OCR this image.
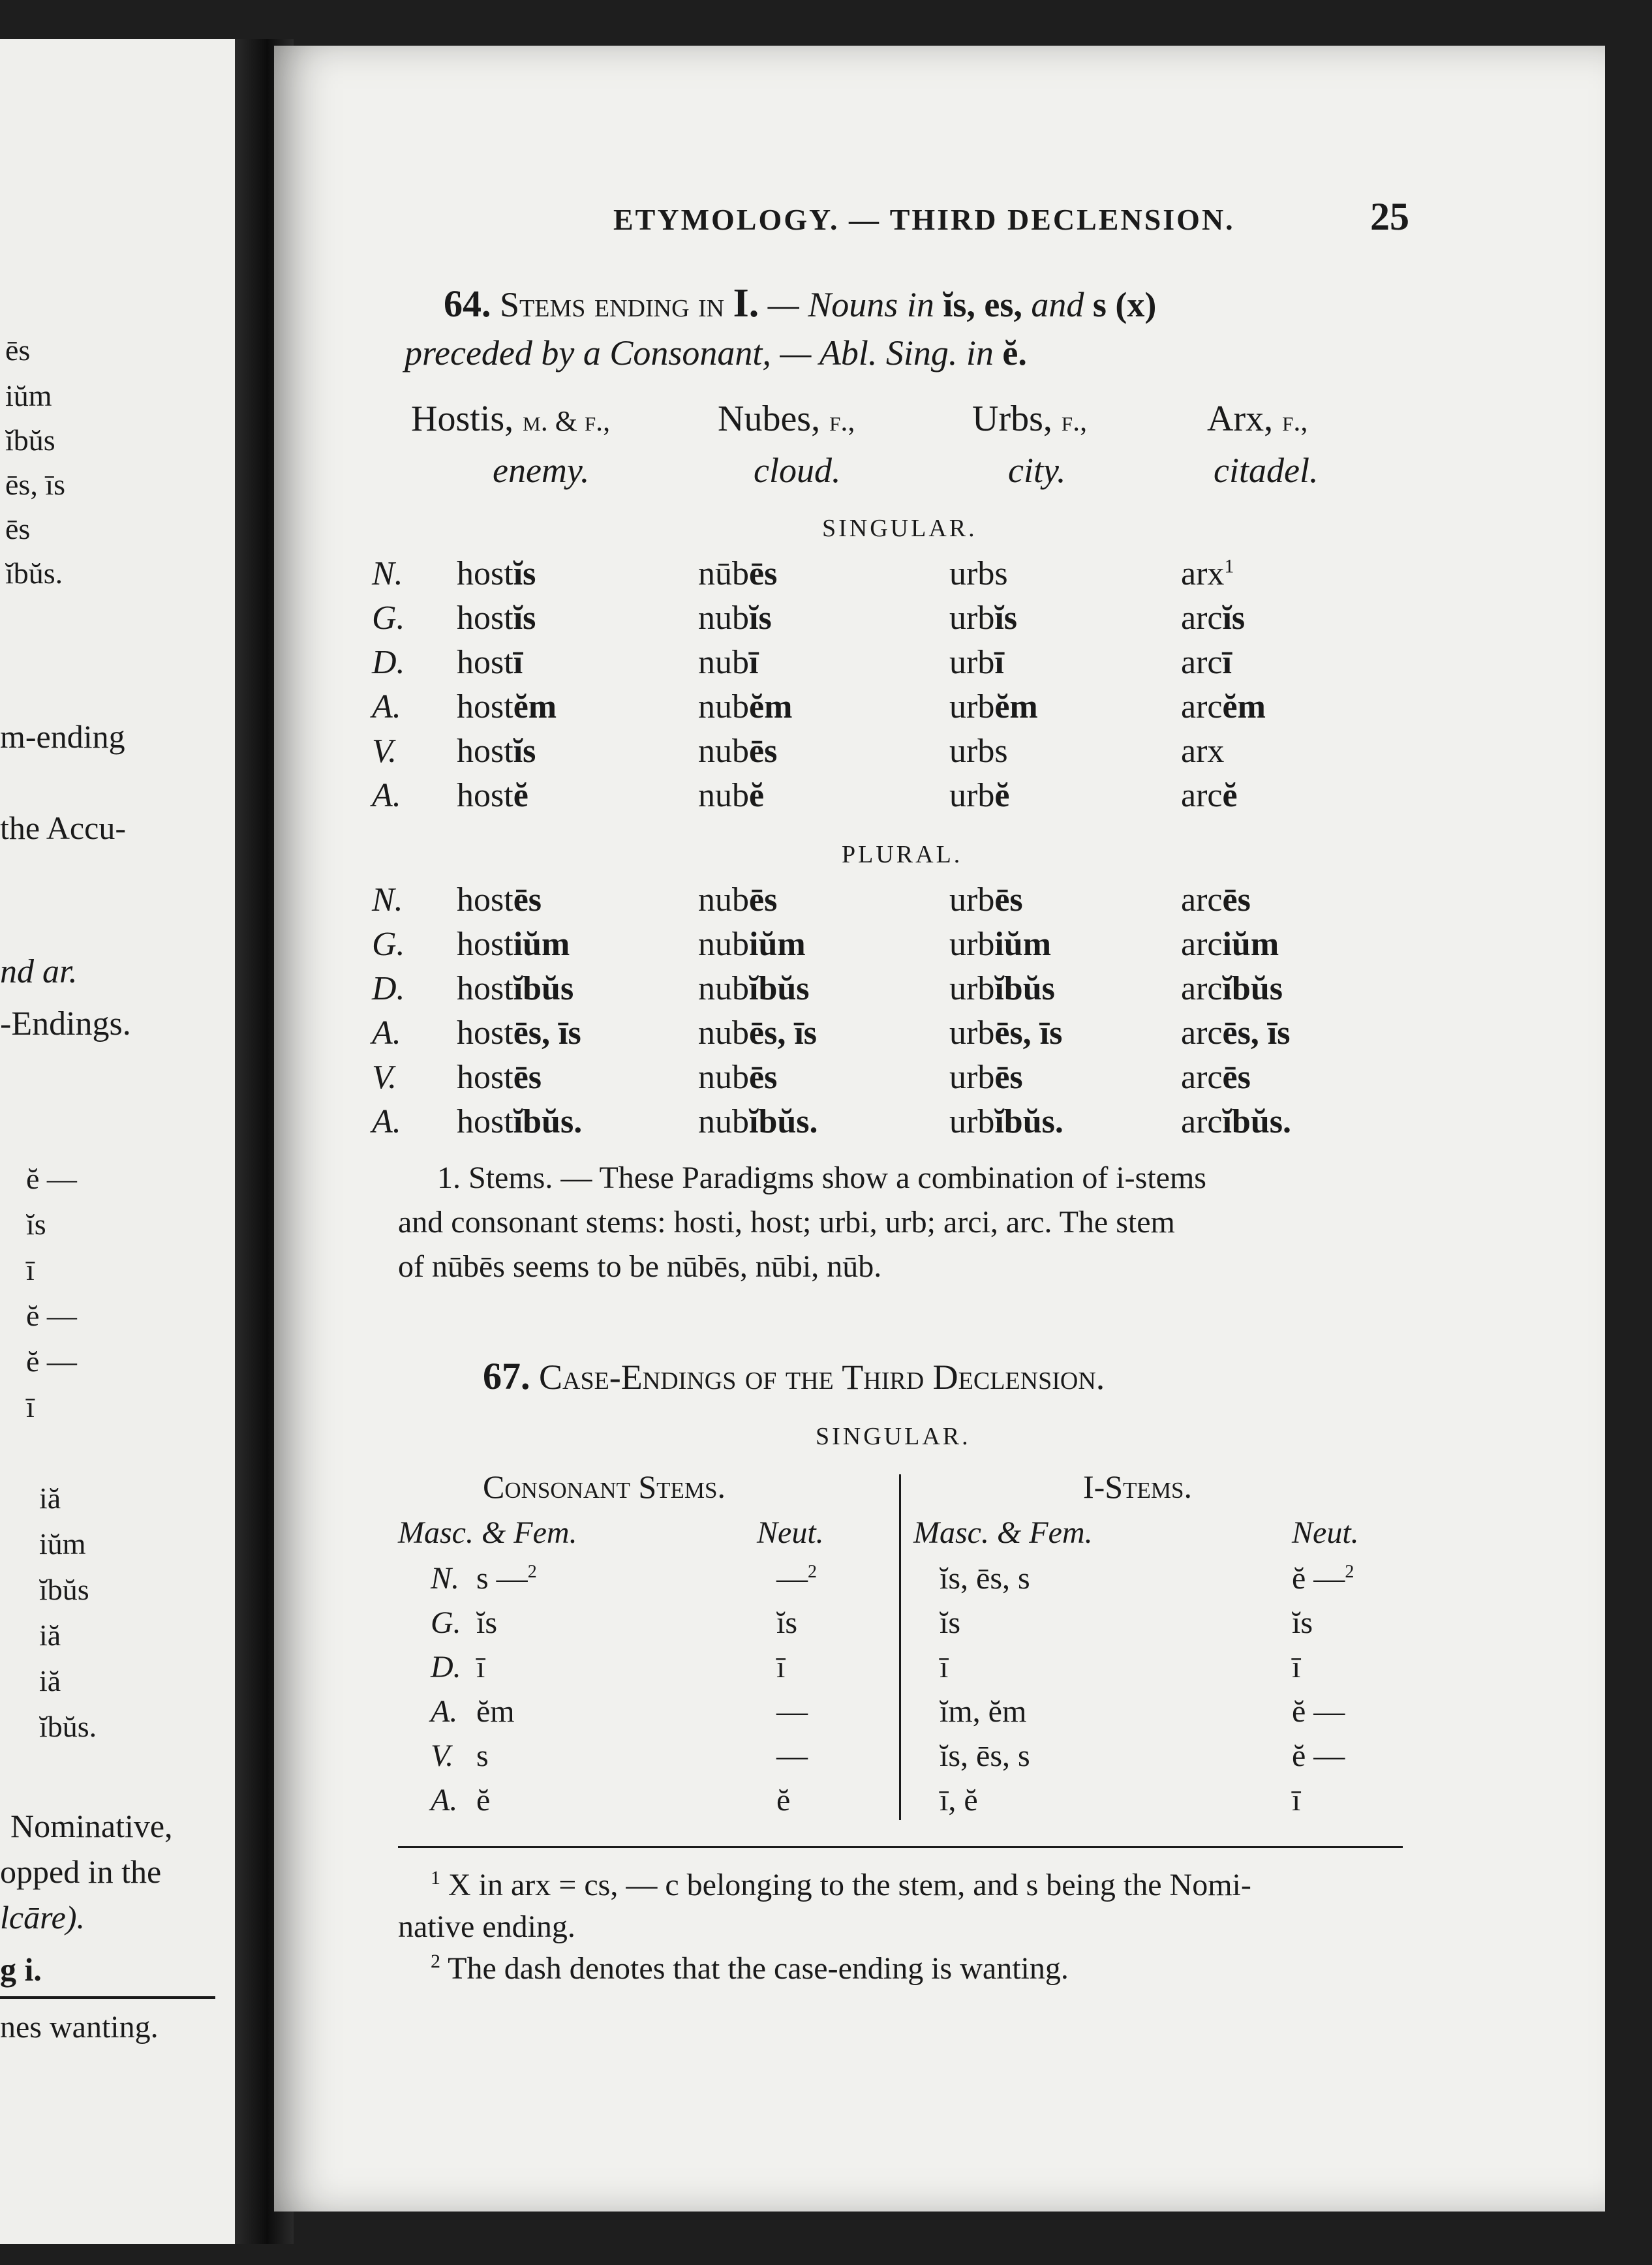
ēs
iŭm
ĭbŭs
ēs, īs
ēs
ĭbŭs.
m-ending
the Accu-
nd ar.
-Endings.
ĕ —
ĭs
ī
ĕ —
ĕ —
ī
iă
iŭm
ĭbŭs
iă
iă
ĭbŭs.
Nominative,
opped in the
lcāre).
g i.
nes wanting.
ETYMOLOGY. — THIRD DECLENSION.	25
64. Stems ending in I. — Nouns in ĭs, es, and s (x)
preceded by a Consonant, — Abl. Sing. in ĕ.
Hostis, m. & f.,	Nubes, f.,	Urbs, f.,	Arx, f.,
enemy.	cloud.	city.	citadel.
SINGULAR.
PLURAL.
N. hostĭs	nūbēs	urbs	arx$^1$
G. hostĭs	nubĭs	urbĭs	arcĭs
D. hostī	nubī	urbī	arcī
A. hostĕm	nubĕm	urbĕm	arcĕm
V. hostĭs	nubēs	urbs	arx
A. hostĕ	nubĕ	urbĕ	arcĕ
N. hostēs	nubēs	urbēs	arcēs
G. hostiŭm	nubiŭm	urbiŭm	arciŭm
D. hostĭbŭs	nubĭbŭs	urbĭbŭs	arcĭbŭs
A. hostēs, īs	nubēs, īs	urbēs, īs	arcēs, īs
V. hostēs	nubēs	urbēs	arcēs
A. hostĭbŭs.	nubĭbŭs.	urbĭbŭs.	arcĭbŭs.
1. Stems. — These Paradigms show a combination of i-stems
and consonant stems: hosti, host; urbi, urb; arci, arc. The stem
of nūbēs seems to be nūbēs, nūbi, nūb.
67. Case-Endings of the Third Declension.
SINGULAR.
Consonant Stems.	I-Stems.
Masc. & Fem.	Neut.	Masc. & Fem.	Neut.
N. s —$^2$	—$^2$	ĭs, ēs, s	ĕ —$^2$
G. ĭs	ĭs	ĭs	ĭs
D. ī	ī	ī	ī
A. ĕm	—	ĭm, ĕm	ĕ —
V. s	—	ĭs, ēs, s	ĕ —
A. ĕ	ĕ	ī, ĕ	ī
$^1$ X in arx = cs, — c belonging to the stem, and s being the Nomi-
native ending.
$^2$ The dash denotes that the case-ending is wanting.
